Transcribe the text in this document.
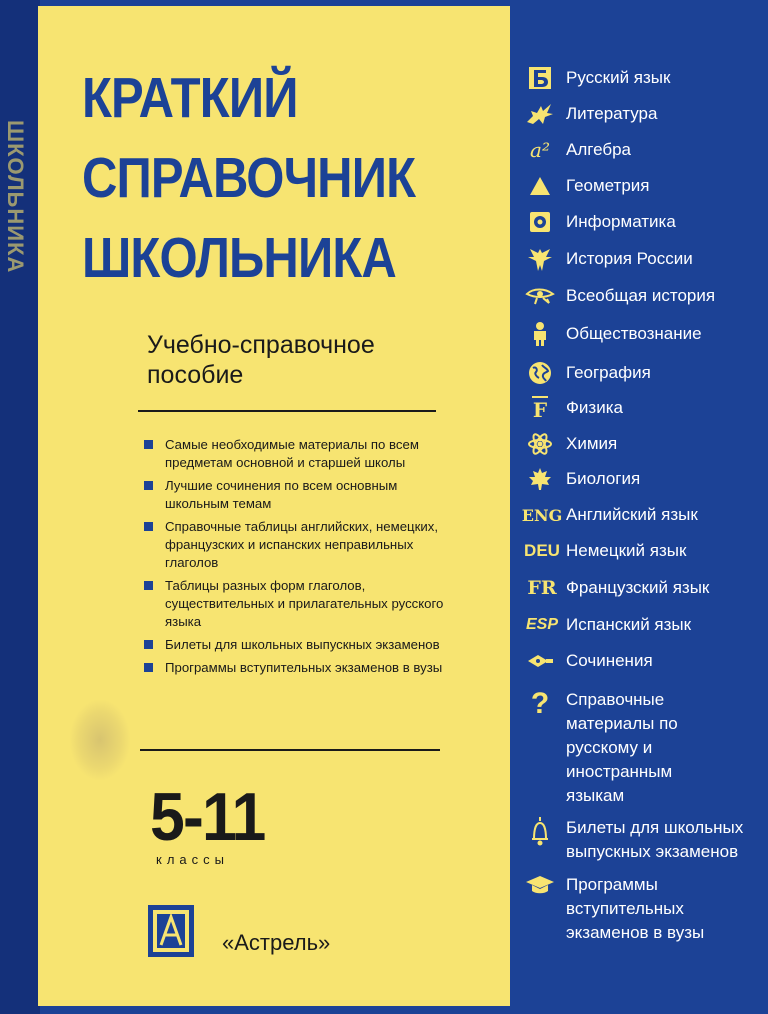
ШКОЛЬНИКА
КРАТКИЙ
СПРАВОЧНИК
ШКОЛЬНИКА
Учебно-справочное
пособие
Самые необходимые материалы по всем предметам основной и старшей школы
Лучшие сочинения по всем основным школьным темам
Справочные таблицы английских, немецких, французских и испанских неправильных глаголов
Таблицы разных форм глаголов, существительных и прилагательных русского языка
Билеты для школьных выпускных экзаменов
Программы вступительных экзаменов в вузы
5-11
классы
«Астрель»
Русский язык
Литература
a² Алгебра
Геометрия
Информатика
История России
Всеобщая история
Обществознание
География
F Физика
Химия
Биология
ENG Английский язык
DEU Немецкий язык
FR Французский язык
ESP Испанский язык
Сочинения
? Справочные материалы по русскому и иностранным языкам
Билеты для школьных выпускных экзаменов
Программы вступительных экзаменов в вузы
